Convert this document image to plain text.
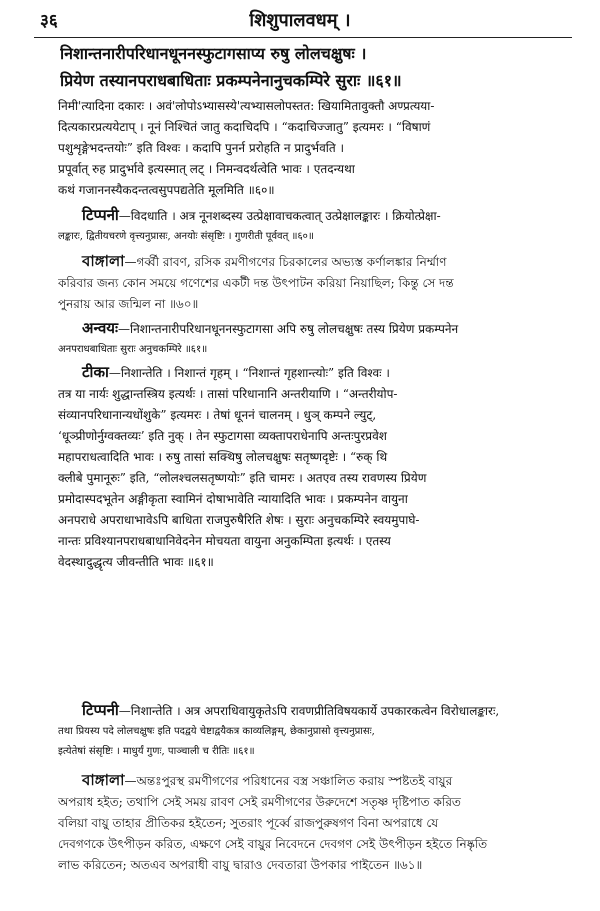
३६	शिशुपालवधम् ।
निशान्तनारीपरिधानधूननस्फुटागसाप्य रुषु लोलचक्षुषः ।
प्रियेण तस्यानपराधबाधिताः प्रकम्पनेनानुचकम्पिरे सुराः ॥६१॥
निमी'त्यादिना दकारः । अवं'लोपोऽभ्यासस्ये'त्यभ्यासलोपस्तत: खियामितावुक्तौ अण्प्रत्यया-
दित्यकारप्रत्ययेटाप् । नूनं निश्चितं जातु कदाचिदपि । “कदाचिज्जातु” इत्यमरः । “विषाणं
पशुशृङ्गेभदन्तयोः” इति विश्वः । कदापि पुनर्न प्ररोहति न प्रादुर्भवति ।
प्रपूर्वात् रुह प्रादुर्भावे इत्यस्मात् लट् । निमन्वदर्थत्वेति भावः । एतदन्यथा
कथं गजाननस्यैकदन्तत्वसुपपद्यतेति मूलमिति ॥६०॥
टिप्पनी—विदधाति । अत्र नूनशब्दस्य उत्प्रेक्षावाचकत्वात् उत्प्रेक्षालङ्कारः । क्रियोत्प्रेक्षा-
लङ्कारः, द्वितीयचरणे वृत्त्यनुप्रासः, अनयोः संसृष्टिः । गुणरीती पूर्ववत् ॥६०॥
বাঙ্গালা—গর্ব্বী রাবণ, রসিক রমণীগণের চিরকালের অভ্যস্ত কর্ণালঙ্কার নির্ম্মাণ
করিবার জন্য কোন সময়ে গণেশের একটী দন্ত উৎপাটন করিয়া নিয়াছিল; কিন্তু সে দন্ত
পুনরায় আর জন্মিল না ॥৬০॥
अन्वयः—निशान्तनारीपरिधानधूननस्फुटागसा अपि रुषु लोलचक्षुषः तस्य प्रियेण प्रकम्पनेन
अनपराधबाधिताः सुराः अनुचकम्पिरे ॥६१॥
टीका—निशान्तेति । निशान्तं गृहम् । “निशान्तं गृहशान्त्योः” इति विश्वः ।
तत्र या नार्यः शुद्धान्तस्त्रिय इत्यर्थः । तासां परिधानानि अन्तरीयाणि । “अन्तरीयोप-
संव्यानपरिधानान्यधोंशुके” इत्यमरः । तेषां धूननं चालनम् । धुञ् कम्पने ल्युट्,
‘धूञ्प्रीणोर्नुग्वक्तव्यः’ इति नुक् । तेन स्फुटागसा व्यक्तापराधेनापि अन्तःपुरप्रवेश
महापराधत्वादिति भावः । रुषु तासां सक्थिषु लोलचक्षुषः सतृष्णदृष्टेः । “रुक् थि
क्लीबे पुमानूरुः” इति, “लोलश्चलसतृष्णयोः” इति चामरः । अतएव तस्य रावणस्य प्रियेण
प्रमोदास्पदभूतेन अङ्गीकृता स्वामिनं दोषाभावेति न्यायादिति भावः । प्रकम्पनेन वायुना
अनपराधे अपराधाभावेऽपि बाधिता राजपुरुषैरिति शेषः । सुराः अनुचकम्पिरे स्वयमुपाघे-
नान्तः प्रविश्यानपराधबाधानिवेदनेन मोचयता वायुना अनुकम्पिता इत्यर्थः । एतस्य
वेदस्थादुद्धृत्य जीवन्तीति भावः ॥६१॥
टिप्पनी—निशान्तेति । अत्र अपराधिवायुकृतेऽपि रावणप्रीतिविषयकार्ये उपकारकत्वेन विरोधालङ्कारः,
तथा प्रियस्य पदे लोलचक्षुषः इति पदद्वये चेष्टाद्वयैकत्र काव्यलिङ्गम्, छेकानुप्रासो वृत्त्यनुप्रासः,
इत्येतेषां संसृष्टिः । माधुर्यं गुणः, पाञ्चाली च रीतिः ॥६१॥
বাঙ্গালা—অন্তঃপুরস্থ রমণীগণের পরিধানের বস্ত্র সঞ্চালিত করায় স্পষ্টতই বায়ুর
অপরাধ হইত; তথাপি সেই সময় রাবণ সেই রমণীগণের উরুদেশে সতৃষ্ণ দৃষ্টিপাত করিত
বলিয়া বায়ু তাহার প্রীতিকর হইতেন; সুতরাং পূর্ব্বে রাজপুরুষগণ বিনা অপরাধে যে
দেবগণকে উৎপীড়ন করিত, এক্ষণে সেই বায়ুর নিবেদনে দেবগণ সেই উৎপীড়ন হইতে নিষ্কৃতি
লাভ করিতেন; অতএব অপরাধী বায়ু দ্বারাও দেবতারা উপকার পাইতেন ॥৬১॥
